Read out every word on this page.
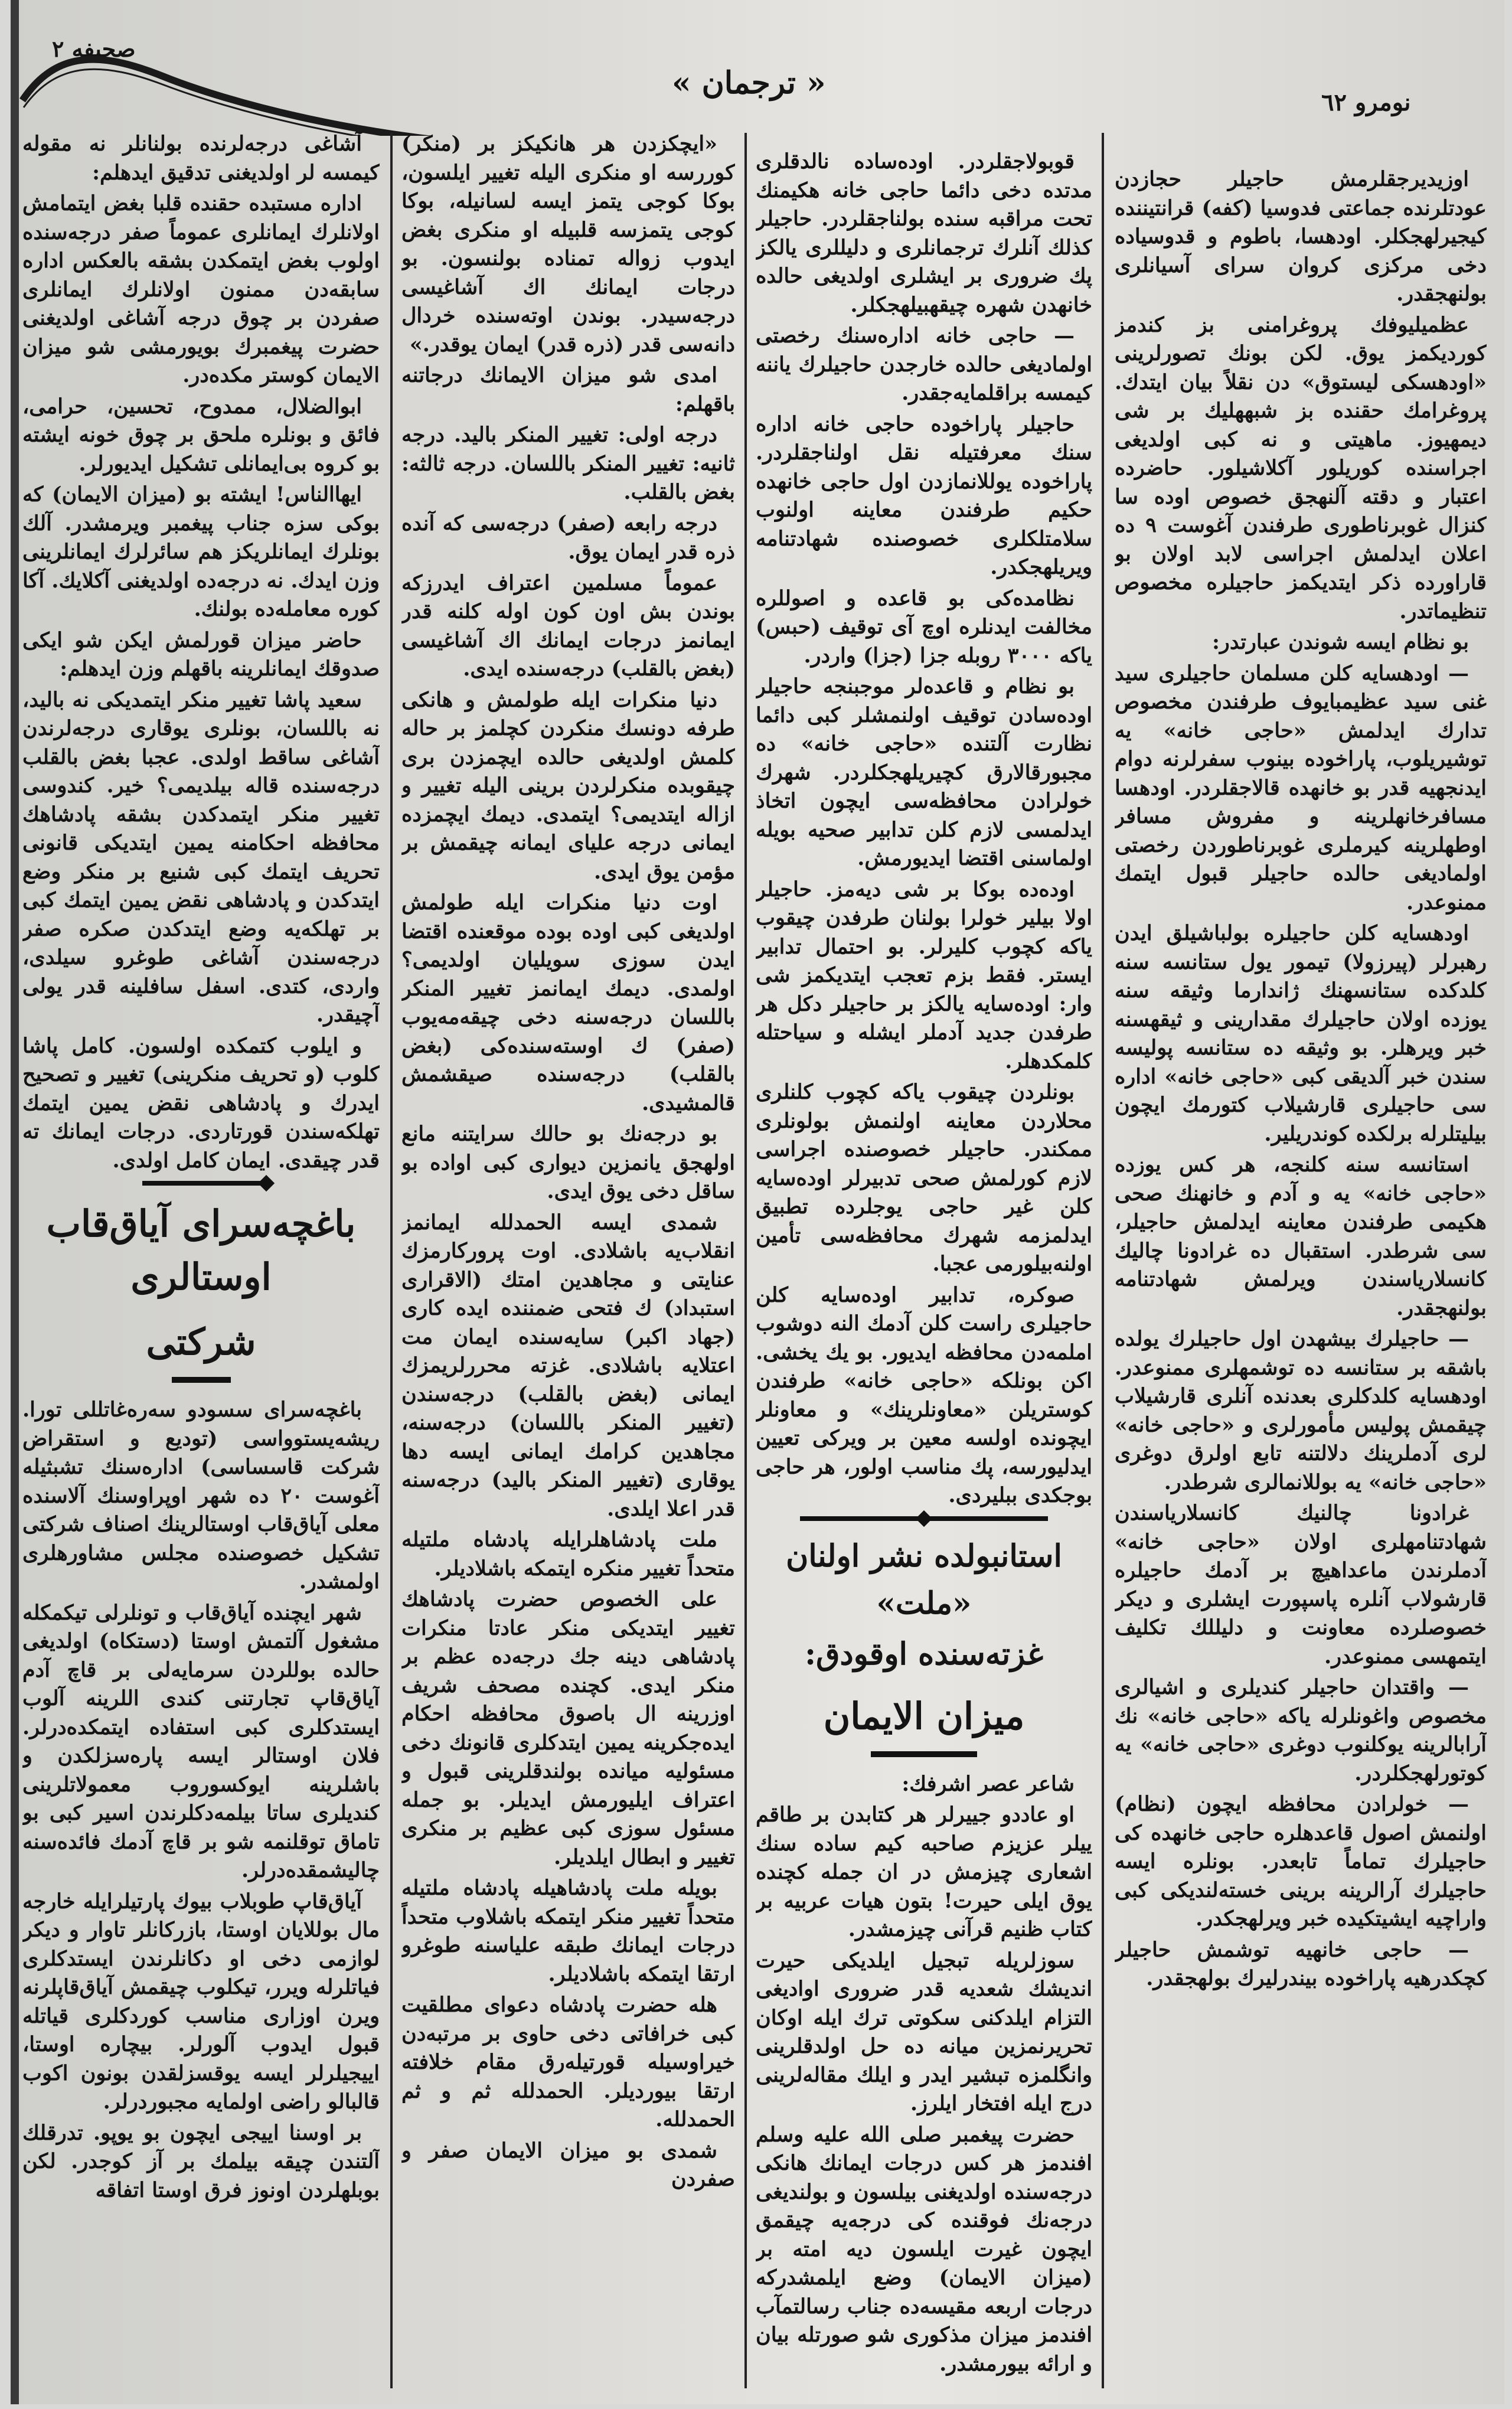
صحیفه ۲
« ترجمان »
نومرو ٦٢

اوزیدیرجقلرمش حاجیلر حجازدن عودتلرنده جماعتی فدوسیا (کفه) قرانتیننده کیجیرلهجکلر. اودهسا، باطوم و قدوسیاده دخی مرکزی کروان سرای آسیانلری بولنهجقدر.

عظمیلیوفك پروغرامنی بز کندمز کوردیکمز یوق. لکن بونك تصورلرینی «اودهسکی لیستوق» دن نقلاً بیان ایتدك. پروغرامك حقنده بز شبههلیك بر شی دیمهیوز. ماهیتی و نه کبی اولدیغی اجراسنده کوریلور آکلاشیلور. حاضرده اعتبار و دقته آلنهجق خصوص اوده سا کنزال غوبرناطوری طرفندن آغوست ۹ ده اعلان ایدلمش اجراسی لابد اولان بو قاراورده ذکر ایتدیکمز حاجیلره مخصوص تنظیماتدر.

بو نظام ایسه شوندن عبارتدر:

— اودهسایه کلن مسلمان حاجیلری سید غنی سید عظیمبایوف طرفندن مخصوص تدارك ایدلمش «حاجی خانه» یه توشیریلوب، پاراخوده بینوب سفرلرنه دوام ایدنجهیه قدر بو خانهده قالاجقلردر. اودهسا مسافرخانهلرینه و مفروش مسافر اوطهلرینه کیرملری غوبرناطوردن رخصتی اولمادیغی حالده حاجیلر قبول ایتمك ممنوعدر.

اودهسایه کلن حاجیلره بولباشیلق ایدن رهبرلر (پیرزولا) تیمور یول ستانسه سنه کلدکده ستانسهنك ژاندارما وثیقه سنه یوزده اولان حاجیلرك مقدارینی و ثیقهسنه خبر ویرهلر. بو وثیقه ده ستانسه پولیسه سندن خبر آلدیقی کبی «حاجی خانه» اداره سی حاجیلری قارشیلاب کتورمك ایچون بیلیتلرله برلکده کوندریلیر.

استانسه سنه کلنجه، هر کس یوزده «حاجی خانه» یه و آدم و خانهنك صحی هکیمی طرفندن معاینه ایدلمش حاجیلر، سی شرطدر. استقبال ده غرادونا چالیك کانسلاریاسندن ویرلمش شهادتنامه بولنهجقدر.

— حاجیلرك بیشهدن اول حاجیلرك یولده باشقه بر ستانسه ده توشمهلری ممنوعدر. اودهسایه کلدکلری بعدنده آنلری قارشیلاب چیقمش پولیس مأمورلری و «حاجی خانه» لری آدملرینك دلالتنه تابع اولرق دوغری «حاجی خانه» یه بوللانمالری شرطدر.

غرادونا چالنیك کانسلاریاسندن شهادتنامهلری اولان «حاجی خانه» آدملرندن ماعداهیچ بر آدمك حاجیلره قارشولاب آنلره پاسپورت ایشلری و دیکر خصوصلرده معاونت و دلیللك تکلیف ایتمهسی ممنوعدر.

— واقتدان حاجیلر کندیلری و اشیالری مخصوص واغونلرله یاکه «حاجی خانه» نك آرابالرینه یوکلنوب دوغری «حاجی خانه» یه کوتورلهجکلردر.

— خولرادن محافظه ایچون (نظام) اولنمش اصول قاعدهلره حاجی خانهده کی حاجیلرك تماماً تابعدر. بونلره ایسه حاجیلرك آرالرینه برینی خسته‌لندیکی کبی واراچیه ایشیتکیده خبر ویرلهجکدر.

— حاجی خانهیه توشمش حاجیلر کچکدرهیه پاراخوده بیندرلیرك بولهجقدر.

قوبولاجقلردر. اوده‌ساده نالدقلری مدتده دخی دائما حاجی خانه هکیمنك تحت مراقبه سنده بولناجقلردر. حاجیلر کذلك آنلرك ترجمانلری و دلیللری یالکز پك ضروری بر ایشلری اولدیغی حالده خانهدن شهره چیقهبیلهجکلر.

— حاجی خانه اداره‌سنك رخصتی اولمادیغی حالده خارجدن حاجیلرك یاننه کیمسه براقلمایه‌جقدر.

حاجیلر پاراخوده حاجی خانه اداره سنك معرفتیله نقل اولناجقلردر. پاراخوده یوللانمازدن اول حاجی خانهده حکیم طرفندن معاینه اولنوب سلامتلکلری خصوصنده شهادتنامه ویریلهجکدر.

نظامده‌کی بو قاعده و اصوللره مخالفت ایدنلره اوچ آی توقیف (حبس) یاکه ۳۰۰۰ روبله جزا (جزا) واردر.

بو نظام و قاعده‌لر موجبنجه حاجیلر اوده‌سادن توقیف اولنمشلر کبی دائما نظارت آلتنده «حاجی خانه» ده مجبورقالارق کچیریلهجکلردر. شهرك خولرادن محافظه‌سی ایچون اتخاذ ایدلمسی لازم کلن تدابیر صحیه بویله اولماسنی اقتضا ایدیورمش.

اوده‌ده بوکا بر شی دیه‌مز. حاجیلر اولا بیلیر خولرا بولنان طرفدن چیقوب یاکه کچوب کلیرلر. بو احتمال تدابیر ایستر. فقط بزم تعجب ایتدیکمز شی وار: اوده‌سایه یالکز بر حاجیلر دکل هر طرفدن جدید آدملر ایشله و سیاحتله کلمکدهلر.

بونلردن چیقوب یاکه کچوب کلنلری محلاردن معاینه اولنمش بولونلری ممکندر. حاجیلر خصوصنده اجراسی لازم کورلمش صحی تدبیرلر اوده‌سایه کلن غیر حاجی یوجلرده تطبیق ایدلمزمه شهرك محافظه‌سی تأمین اولنه‌بیلورمی عجبا.

صوکره، تدابیر اوده‌سایه کلن حاجیلری راست کلن آدمك النه دوشوب املمه‌دن محافظه ایدیور. بو یك یخشی. اکن بونلکه «حاجی خانه» طرفندن کوستریلن «معاونلرینك» و معاونلر ایچونده اولسه معین بر ویرکی تعیین ایدلیورسه، پك مناسب اولور، هر حاجی بوجکدی ببلیردی.

استانبولده نشر اولنان «ملت»
غزته‌سنده اوقودق:
میزان الایمان

شاعر عصر اشرفك:

او عاددو جییرلر هر کتابدن بر طاقم ییلر عزیزم صاحبه کیم ساده سنك اشعاری چیزمش در ان جمله کچنده یوق ایلی حیرت! بتون هیات عربیه بر کتاب ظنیم قرآنی چیزمشدر.

سوزلریله تبجیل ایلدیکی حیرت اندیشك شعدیه قدر ضروری اوادیغی التزام ایلدکنی سکوتی ترك ایله اوکان تحریرنمزین میانه ده حل اولدقلرینی وانگلمزه تبشیر ایدر و ایلك مقاله‌لرینی درج ایله افتخار ایلرز.

حضرت پیغمبر صلی الله علیه وسلم افندمز هر کس درجات ایمانك هانکی درجه‌سنده اولدیغنی بیلسون و بولندیغی درجه‌نك فوقنده کی درجه‌یه چیقمق ایچون غیرت ایلسون دیه امته بر (میزان الایمان) وضع ایلمشدرکه درجات اربعه مقیسه‌ده جناب رسالتمآب افندمز میزان مذکوری شو صورتله بیان و ارائه بیورمشدر.

«ایچکزدن هر هانکیکز بر (منکر) کوررسه او منکری الیله تغییر ایلسون، بوکا کوجی یتمز ایسه لسانیله، بوکا کوجی یتمزسه قلبیله او منکری بغض ایدوب زواله تمناده بولنسون. بو درجات ایمانك اك آشاغیسی درجه‌سیدر. بوندن اوته‌سنده خردال دانه‌سی قدر (ذره قدر) ایمان یوقدر.»

امدی شو میزان الایمانك درجاتنه باقهلم:

درجه اولی: تغییر المنکر بالید. درجه ثانیه: تغییر المنکر باللسان. درجه ثالثه: بغض بالقلب.

درجه رابعه (صفر) درجه‌سی که آنده ذره قدر ایمان یوق.

عموماً مسلمین اعتراف ایدرزکه بوندن بش اون کون اوله کلنه قدر ایمانمز درجات ایمانك اك آشاغیسی (بغض بالقلب) درجه‌سنده ایدی.

دنیا منکرات ایله طولمش و هانکی طرفه دونسك منکردن کچلمز بر حاله کلمش اولدیغی حالده ایچمزدن بری چیقوبده منکرلردن برینی الیله تغییر و ازاله ایتدیمی؟ ایتمدی. دیمك ایچمزده ایمانی درجه علیای ایمانه چیقمش بر مؤمن یوق ایدی.

اوت دنیا منکرات ایله طولمش اولدیغی کبی اوده بوده موقعنده اقتضا ایدن سوزی سویلیان اولدیمی؟ اولمدی. دیمك ایمانمز تغییر المنکر باللسان درجه‌سنه دخی چیقه‌مه‌یوب (صفر) ك اوسته‌سنده‌کی (بغض بالقلب) درجه‌سنده صیقشمش قالمشیدی.

بو درجه‌نك بو حالك سرایتنه مانع اولهجق یانمزین دیواری کبی اواده بو ساقل دخی یوق ایدی.

شمدی ایسه الحمدلله ایمانمز انقلاب‌یه باشلادی. اوت پرورکارمزك عنایتی و مجاهدین امتك (الاقراری استبداد) ك فتحی ضمننده ایده کاری (جهاد اکبر) سایه‌سنده ایمان مت اعتلایه باشلادی. غزته محررلریمزك ایمانی (بغض بالقلب) درجه‌سندن (تغییر المنکر باللسان) درجه‌سنه، مجاهدین کرامك ایمانی ایسه دها یوقاری (تغییر المنکر بالید) درجه‌سنه قدر اعلا ایلدی.

ملت پادشاهلرایله پادشاه ملتیله متحداً تغییر منکره ایتمکه باشلادیلر.

علی الخصوص حضرت پادشاهك تغییر ایتدیکی منکر عادتا منکرات پادشاهی دینه جك درجه‌ده عظم بر منکر ایدی. کچنده مصحف شریف اوزرینه ال باصوق محافظه احکام ایده‌جکرینه یمین ایتدکلری قانونك دخی مسئولیه میانده بولندقلرینی قبول و اعتراف ایلیورمش ایدیلر. بو جمله مسئول سوزی کبی عظیم بر منکری تغییر و ابطال ایلدیلر.

بویله ملت پادشاهیله پادشاه ملتیله متحداً تغییر منکر ایتمکه باشلاوب متحداً درجات ایمانك طبقه علیاسنه طوغرو ارتقا ایتمکه باشلادیلر.

هله حضرت پادشاه دعوای مطلقیت کبی خرافاتی دخی حاوی بر مرتبه‌دن خیراوسیله قورتیله‌رق مقام خلافته ارتقا بیوردیلر. الحمدلله ثم و ثم الحمدلله.

شمدی بو میزان الایمان صفر و صفردن

آشاغی درجه‌لرنده بولنانلر نه مقوله کیمسه لر اولدیغنی تدقیق ایدهلم:

اداره مستبده حقنده قلبا بغض ایتمامش اولانلرك ایمانلری عموماً صفر درجه‌سنده اولوب بغض ایتمکدن بشقه بالعکس اداره سابقه‌دن ممنون اولانلرك ایمانلری صفردن بر چوق درجه آشاغی اولدیغنی حضرت پیغمبرك بویورمشی شو میزان الایمان کوستر مکده‌در.

ابوالضلال، ممدوح، تحسین، حرامی، فائق و بونلره ملحق بر چوق خونه ایشته بو کروه بی‌ایمانلی تشکیل ایدیورلر.

ایهاالناس! ایشته بو (میزان الایمان) که بوکی سزه جناب پیغمبر ویرمشدر. آلك بونلرك ایمانلریکز هم سائرلرك ایمانلرینی وزن ایدك. نه درجه‌ده اولدیغنی آکلایك. آکا کوره معامله‌ده بولنك.

حاضر میزان قورلمش ایکن شو ایکی صدوقك ایمانلرینه باقهلم وزن ایدهلم:

سعید پاشا تغییر منکر ایتمدیکی نه بالید، نه باللسان، بونلری یوقاری درجه‌لرندن آشاغی ساقط اولدی. عجبا بغض بالقلب درجه‌سنده قاله بیلدیمی؟ خیر. کندوسی تغییر منکر ایتمدکدن بشقه پادشاهك محافظه احکامنه یمین ایتدیکی قانونی تحریف ایتمك کبی شنیع بر منکر وضع ایتدکدن و پادشاهی نقض یمین ایتمك کبی بر تهلکه‌یه وضع ایتدکدن صکره صفر درجه‌سندن آشاغی طوغرو سیلدی، واردی، کتدی. اسفل سافلینه قدر یولی آچیقدر.

و ایلوب کتمکده اولسون. کامل پاشا کلوب (و تحریف منکرینی) تغییر و تصحیح ایدرك و پادشاهی نقض یمین ایتمك تهلکه‌سندن قورتاردی. درجات ایمانك ته قدر چیقدی. ایمان کامل اولدی.

باغچه‌سرای آیاق‌قاب اوستالری
شرکتی

باغچه‌سرای سسودو سه‌ره‌غاتللی تورا. ریشه‌یستوواسی (تودیع و استقراض شرکت قاسساسی) اداره‌سنك تشبثیله آغوست ۲۰ ده شهر اوپراوسنك آلاسنده معلی آیاق‌قاب اوستالرینك اصناف شرکتی تشکیل خصوصنده مجلس مشاورهلری اولمشدر.

شهر ایچنده آیاق‌قاب و تونلرلی تیکمکله مشغول آلتمش اوستا (دستکاه) اولدیغی حالده بوللردن سرمایه‌لی بر قاچ آدم آیاق‌قاپ تجارتنی کندی اللرینه آلوب ایستدکلری کبی استفاده ایتمکده‌درلر. فلان اوستالر ایسه پاره‌سزلکدن و باشلرینه ایوکسوروب معمولاتلرینی کندیلری ساتا بیلمه‌دکلرندن اسیر کبی بو تاماق توقلنمه شو بر قاچ آدمك فائده‌سنه چالیشمقده‌درلر.

آیاق‌قاپ طوبلاب بیوك پارتیلرایله خارجه مال بوللایان اوستا، بازرکانلر تاوار و دیکر لوازمی دخی او دکانلرندن ایستدکلری فیاتلرله ویرر، تیکلوب چیقمش آیاق‌قاپلرنه ویرن اوزاری مناسب کوردکلری قیاتله قبول ایدوب آلورلر. بیچاره اوستا، اییجیلرلر ایسه یوقسزلقدن بونون اکوب قالبالو راضی اولمایه مجبوردرلر.

بر اوسنا اییجی ایچون بو یوپو. تدرقلك آلتندن چیقه بیلمك بر آز کوجدر. لکن بوبلهلردن اونوز فرق اوستا اتفاقه
